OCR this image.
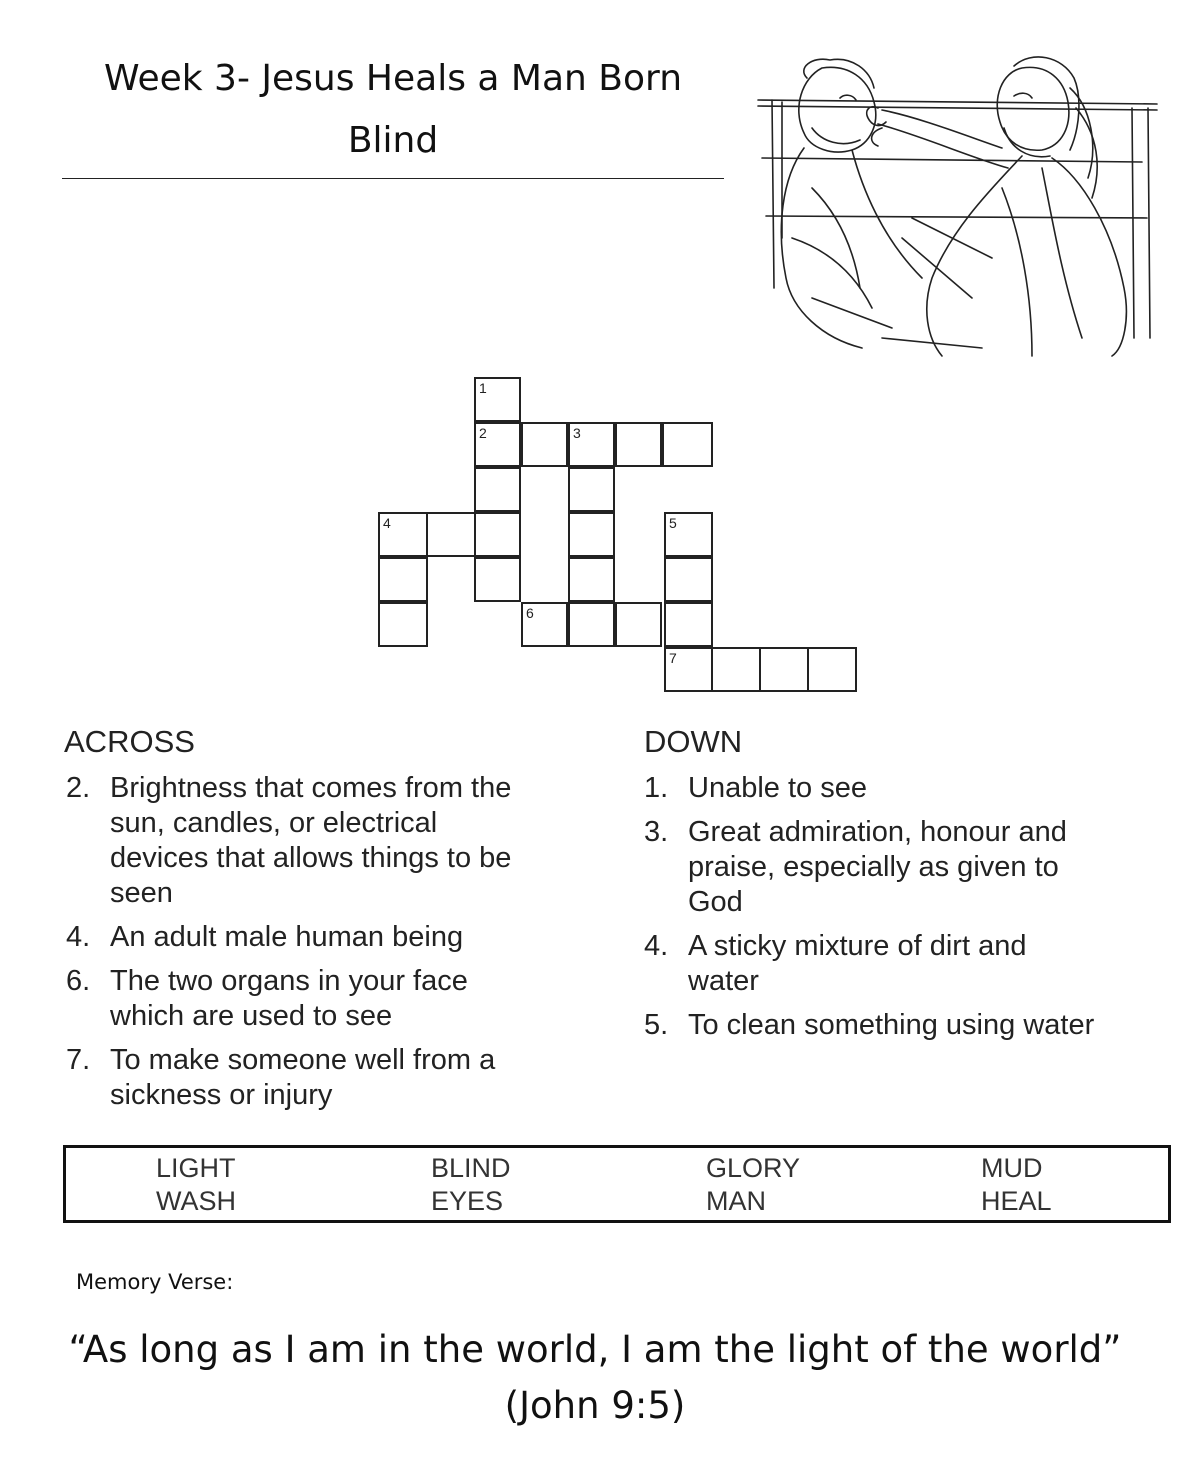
Week 3- Jesus Heals a Man Born
Blind
1
2	3
4	5
6
7
ACROSS
2. Brightness that comes from the
sun, candles, or electrical
devices that allows things to be
seen
4. An adult male human being
6. The two organs in your face
which are used to see
7. To make someone well from a
sickness or injury
DOWN
1. Unable to see
3. Great admiration, honour and
praise, especially as given to
God
4. A sticky mixture of dirt and
water
5. To clean something using water
LIGHT	BLIND	GLORY	MUD
WASH	EYES	MAN	HEAL
Memory Verse:
“As long as I am in the world, I am the light of the world”
(John 9:5)
